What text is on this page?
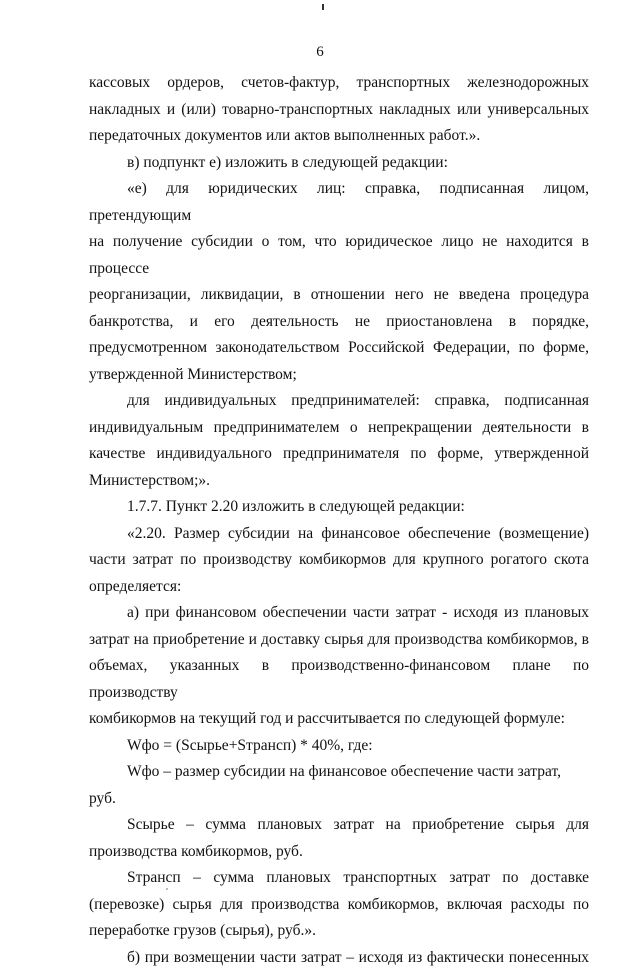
6

кассовых ордеров, счетов-фактур, транспортных железнодорожных

накладных и (или) товарно-транспортных накладных или универсальных

передаточных документов или актов выполненных работ.».

в) подпункт е) изложить в следующей редакции:

«е) для юридических лиц: справка, подписанная лицом, претендующим

на получение субсидии о том, что юридическое лицо не находится в процессе

реорганизации, ликвидации, в отношении него не введена процедура

банкротства, и его деятельность не приостановлена в порядке,

предусмотренном законодательством Российской Федерации, по форме,

утвержденной Министерством;

для индивидуальных предпринимателей: справка, подписанная

индивидуальным предпринимателем о непрекращении деятельности в

качестве индивидуального предпринимателя по форме, утвержденной

Министерством;».

1.7.7. Пункт 2.20 изложить в следующей редакции:

«2.20. Размер субсидии на финансовое обеспечение (возмещение)

части затрат по производству комбикормов для крупного рогатого скота

определяется:

а) при финансовом обеспечении части затрат - исходя из плановых

затрат на приобретение и доставку сырья для производства комбикормов, в

объемах, указанных в производственно-финансовом плане по производству

комбикормов на текущий год и рассчитывается по следующей формуле:

Wфо = (Sсырье+Sтрансп) * 40%, где:

Wфо – размер субсидии на финансовое обеспечение части затрат, руб.

Sсырье – сумма плановых затрат на приобретение сырья для

производства комбикормов, руб.

Sтрансп – сумма плановых транспортных затрат по доставке

(перевозке) сырья для производства комбикормов, включая расходы по

переработке грузов (сырья), руб.».

б) при возмещении части затрат – исходя из фактически понесенных
